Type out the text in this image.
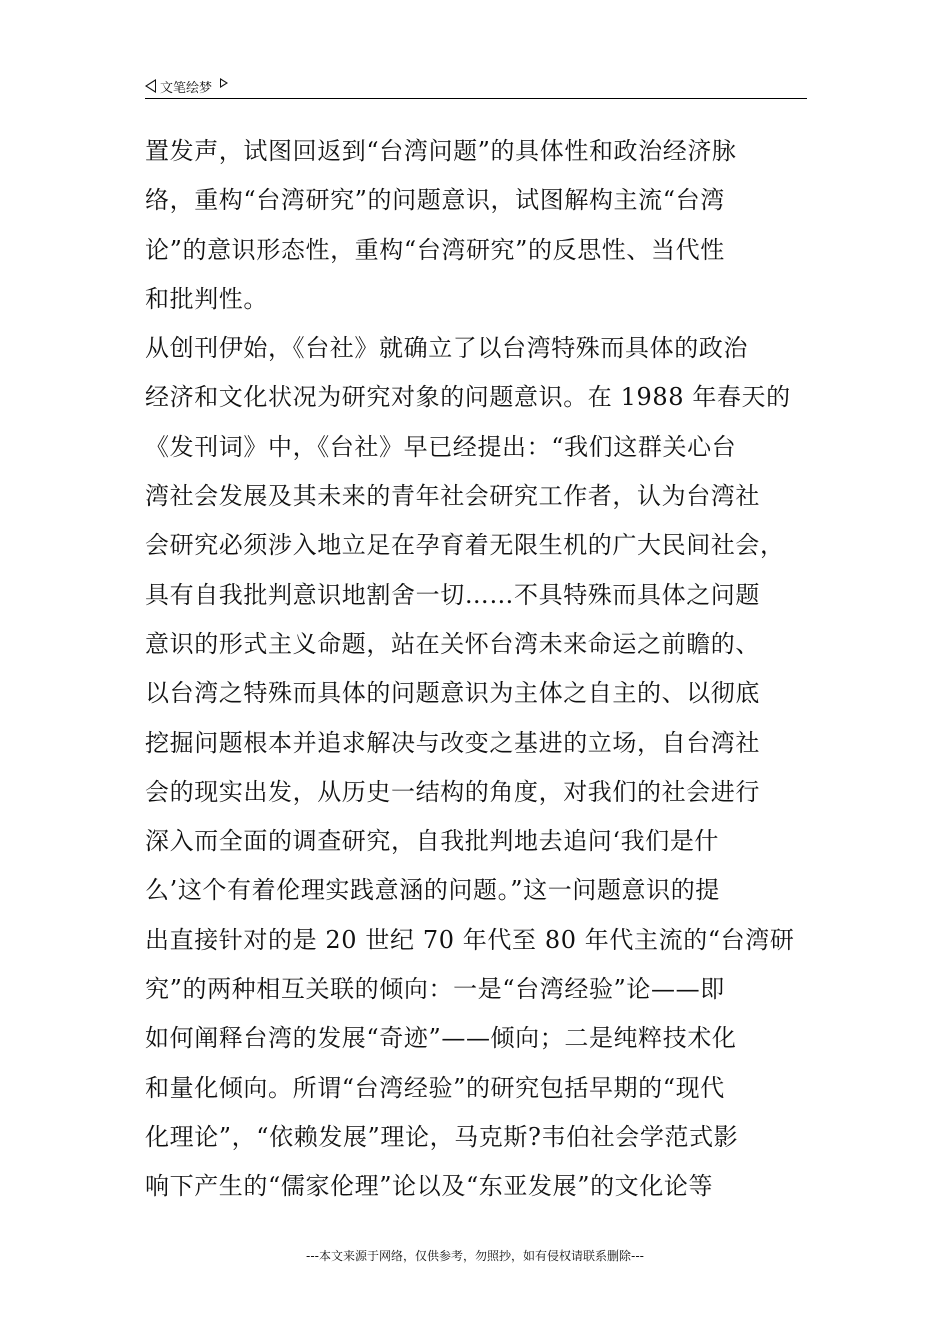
文笔绘梦
置发声，试图回返到“台湾问题”的具体性和政治经济脉
络，重构“台湾研究”的问题意识，试图解构主流“台湾
论”的意识形态性，重构“台湾研究”的反思性、当代性
和批判性。
从创刊伊始，《台社》就确立了以台湾特殊而具体的政治
经济和文化状况为研究对象的问题意识。在 1988 年春天的
《发刊词》中，《台社》早已经提出：“我们这群关心台
湾社会发展及其未来的青年社会研究工作者，认为台湾社
会研究必须涉入地立足在孕育着无限生机的广大民间社会，
具有自我批判意识地割舍一切……不具特殊而具体之问题
意识的形式主义命题，站在关怀台湾未来命运之前瞻的、
以台湾之特殊而具体的问题意识为主体之自主的、以彻底
挖掘问题根本并追求解决与改变之基进的立场，自台湾社
会的现实出发，从历史一结构的角度，对我们的社会进行
深入而全面的调查研究，自我批判地去追问‘我们是什
么’这个有着伦理实践意涵的问题。”这一问题意识的提
出直接针对的是 20 世纪 70 年代至 80 年代主流的“台湾研
究”的两种相互关联的倾向：一是“台湾经验”论——即
如何阐释台湾的发展“奇迹”——倾向；二是纯粹技术化
和量化倾向。所谓“台湾经验”的研究包括早期的“现代
化理论”，“依赖发展”理论，马克斯?韦伯社会学范式影
响下产生的“儒家伦理”论以及“东亚发展”的文化论等
---本文来源于网络，仅供参考，勿照抄，如有侵权请联系删除---
